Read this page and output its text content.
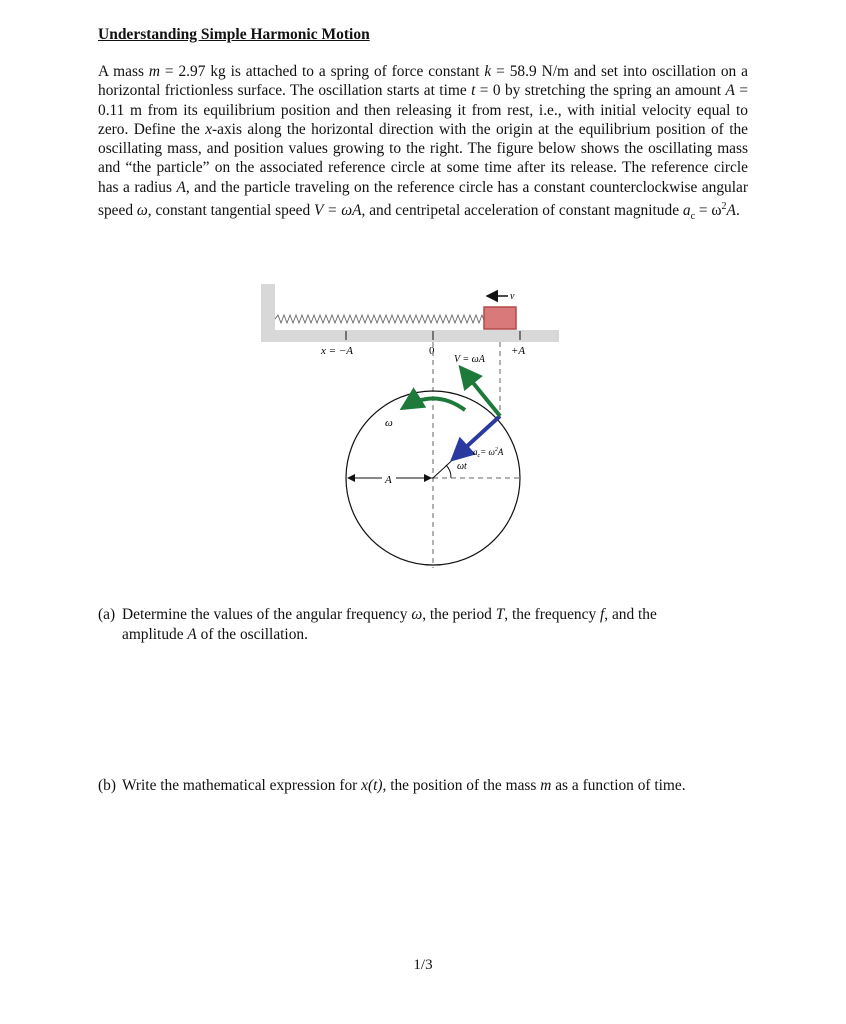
Understanding Simple Harmonic Motion
A mass m = 2.97 kg is attached to a spring of force constant k = 58.9 N/m and set into oscillation on a horizontal frictionless surface. The oscillation starts at time t = 0 by stretching the spring an amount A = 0.11 m from its equilibrium position and then releasing it from rest, i.e., with initial velocity equal to zero. Define the x-axis along the horizontal direction with the origin at the equilibrium position of the oscillating mass, and position values growing to the right. The figure below shows the oscillating mass and “the particle” on the associated reference circle at some time after its release. The reference circle has a radius A, and the particle traveling on the reference circle has a constant counterclockwise angular speed ω, constant tangential speed V = ωA, and centripetal acceleration of constant magnitude $a_c = \omega^2A$.
v
x = −A	0	+A
A
ωt
ω
V = ωA
$a_c= \omega^2A$
(a) Determine the values of the angular frequency ω, the period T, the frequency f, and the
amplitude A of the oscillation.
(b) Write the mathematical expression for x(t), the position of the mass m as a function of time.
1/3
